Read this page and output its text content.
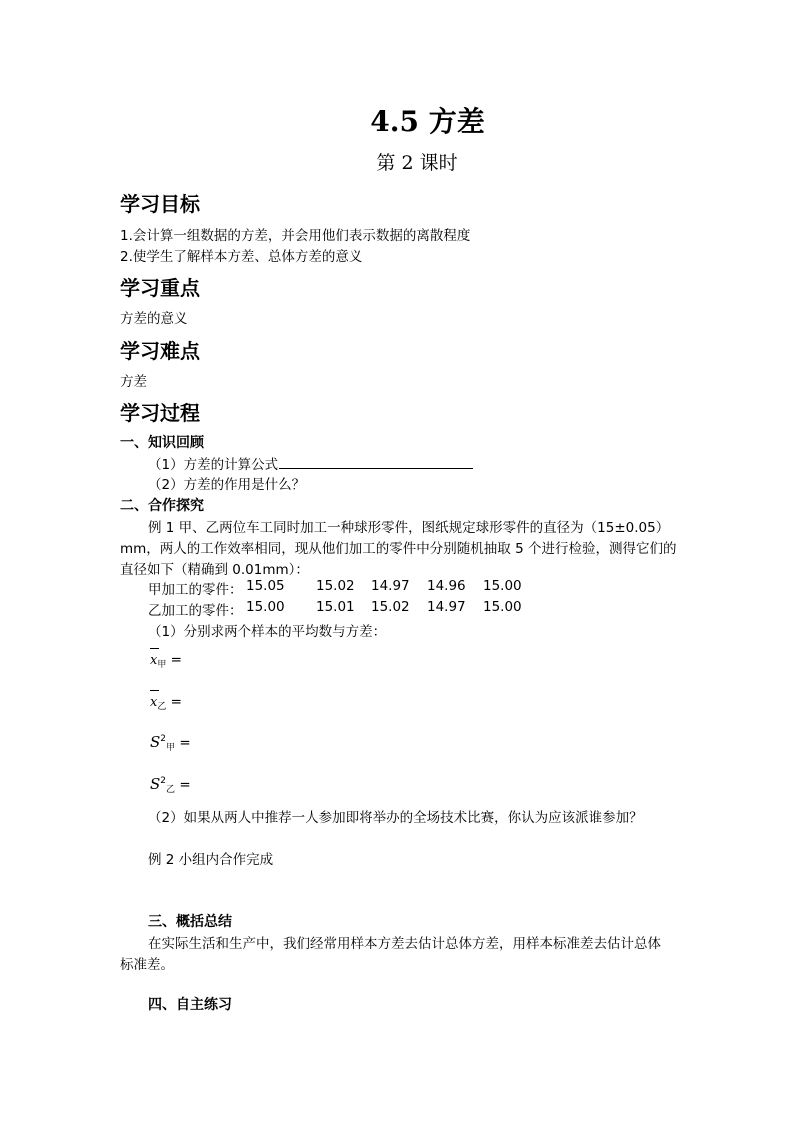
4.5 方差
第 2 课时
学习目标
1.会计算一组数据的方差，并会用他们表示数据的离散程度
2.使学生了解样本方差、总体方差的意义
学习重点
方差的意义
学习难点
方差
学习过程
一、知识回顾
（1）方差的计算公式
（2）方差的作用是什么？
二、合作探究
例 1 甲、乙两位车工同时加工一种球形零件，图纸规定球形零件的直径为（15±0.05）
mm，两人的工作效率相同，现从他们加工的零件中分别随机抽取 5 个进行检验，测得它们的
直径如下（精确到 0.01mm）：
甲加工的零件： 15.05 15.02 14.97 14.96 15.00
乙加工的零件： 15.00 15.01 15.02 14.97 15.00
（1）分别求两个样本的平均数与方差：
$x_甲$ =
$x_乙$ =
$S^2_甲$ =
$S^2_乙$ =
（2）如果从两人中推荐一人参加即将举办的全场技术比赛，你认为应该派谁参加？
例 2 小组内合作完成
三、概括总结
在实际生活和生产中，我们经常用样本方差去估计总体方差，用样本标准差去估计总体
标准差。
四、自主练习
